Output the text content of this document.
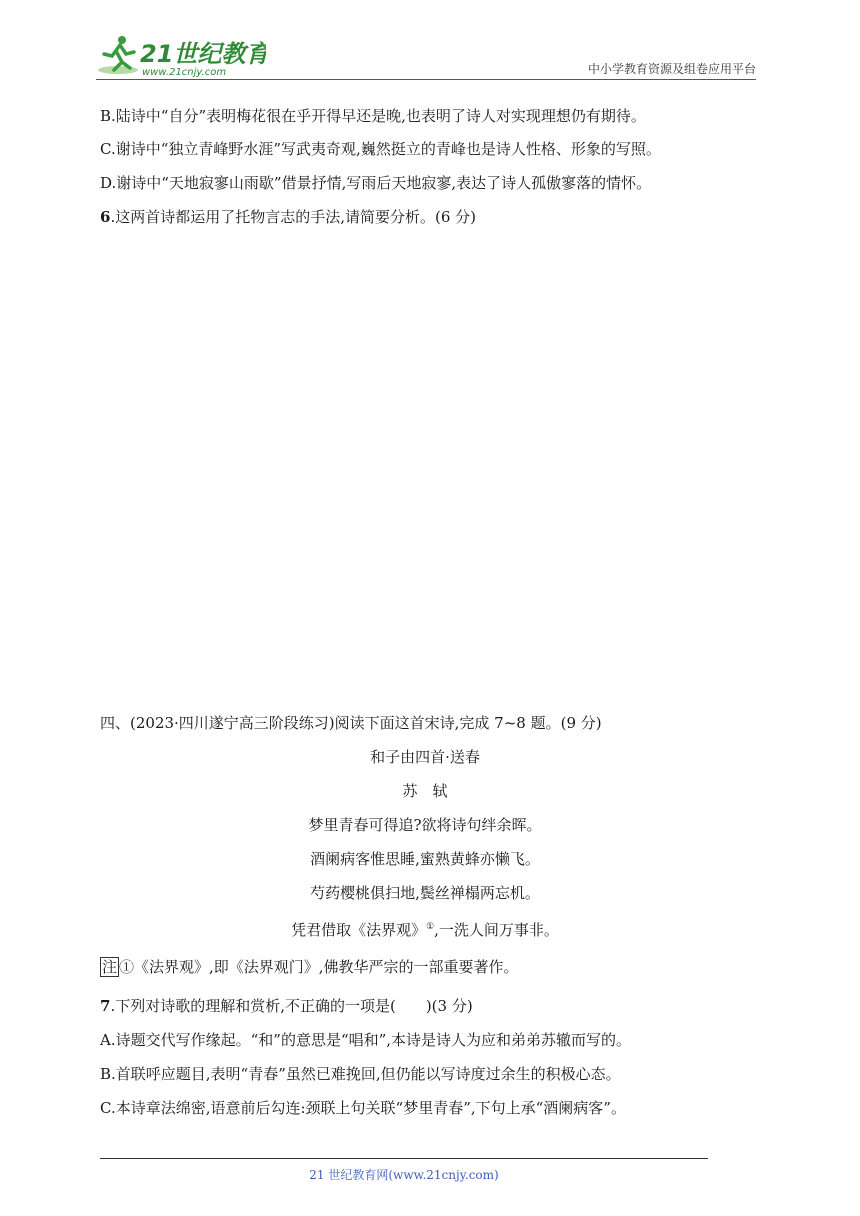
21世纪教育
www.21cnjy.com	中小学教育资源及组卷应用平台
B.陆诗中“自分”表明梅花很在乎开得早还是晚,也表明了诗人对实现理想仍有期待。
C.谢诗中“独立青峰野水涯”写武夷奇观,巍然挺立的青峰也是诗人性格、形象的写照。
D.谢诗中“天地寂寥山雨歇”借景抒情,写雨后天地寂寥,表达了诗人孤傲寥落的情怀。
6.这两首诗都运用了托物言志的手法,请简要分析。(6 分)
四、(2023·四川遂宁高三阶段练习)阅读下面这首宋诗,完成 7~8 题。(9 分)
和子由四首·送春
苏　轼
梦里青春可得追?欲将诗句绊余晖。
酒阑病客惟思睡,蜜熟黄蜂亦懒飞。
芍药樱桃俱扫地,鬓丝禅榻两忘机。
凭君借取《法界观》①,一洗人间万事非。
注 ①《法界观》,即《法界观门》,佛教华严宗的一部重要著作。
7.下列对诗歌的理解和赏析,不正确的一项是(　　)(3 分)
A.诗题交代写作缘起。“和”的意思是“唱和”,本诗是诗人为应和弟弟苏辙而写的。
B.首联呼应题目,表明“青春”虽然已难挽回,但仍能以写诗度过余生的积极心态。
C.本诗章法绵密,语意前后勾连:颈联上句关联“梦里青春”,下句上承“酒阑病客”。
21 世纪教育网(www.21cnjy.com)
